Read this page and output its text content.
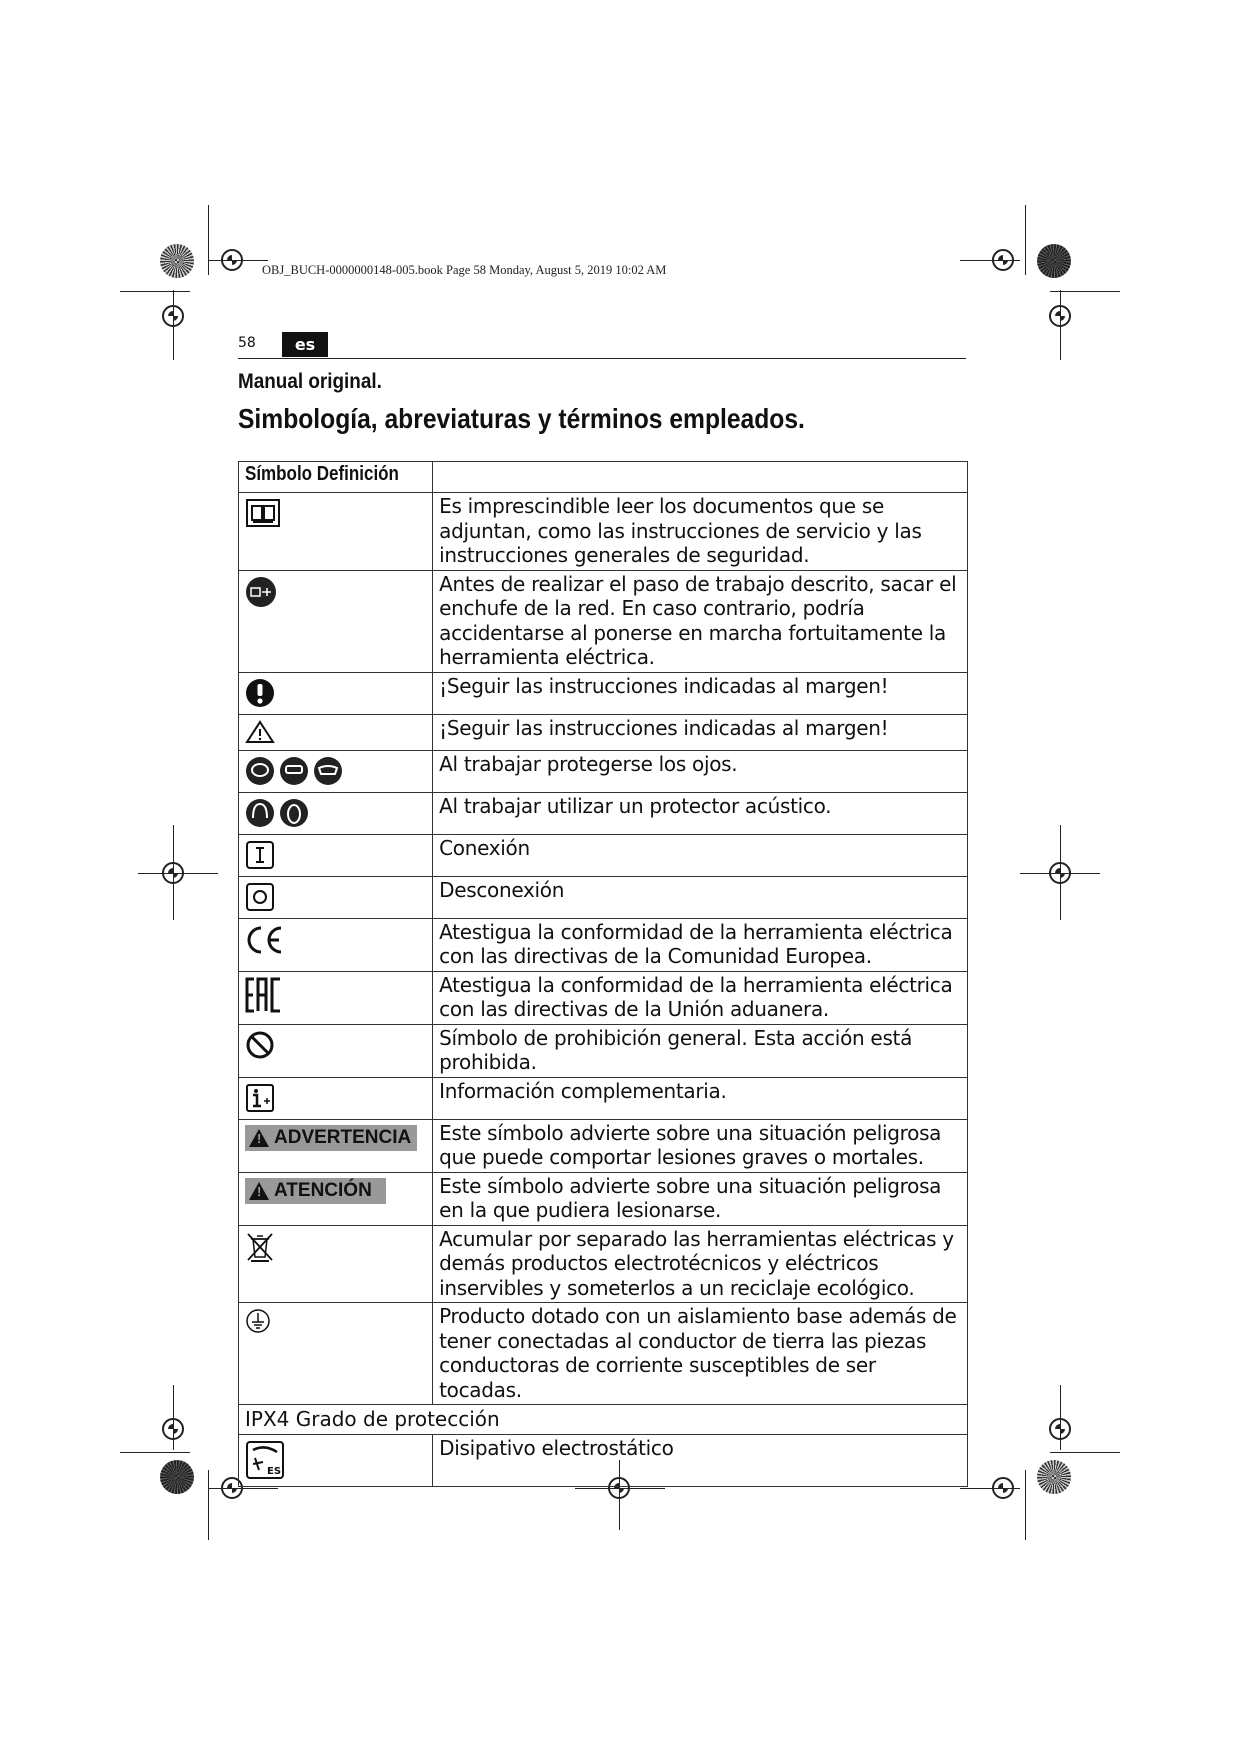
OBJ_BUCH-0000000148-005.book Page 58 Monday, August 5, 2019 10:02 AM
58	es
Manual original.
Simbología, abreviaturas y términos empleados.
Símbolo Definición	
	Es imprescindible leer los documentos que se adjuntan, como las instrucciones de servicio y las instrucciones generales de seguridad.
	Antes de realizar el paso de trabajo descrito, sacar el enchufe de la red. En caso contrario, podría accidentarse al ponerse en marcha fortuitamente la herramienta eléctrica.
	¡Seguir las instrucciones indicadas al margen!
	¡Seguir las instrucciones indicadas al margen!
	Al trabajar protegerse los ojos.
	Al trabajar utilizar un protector acústico.
	Conexión
	Desconexión
	Atestigua la conformidad de la herramienta eléctrica con las directivas de la Comunidad Europea.
	Atestigua la conformidad de la herramienta eléctrica con las directivas de la Unión aduanera.
	Símbolo de prohibición general. Esta acción está prohibida.
	Información complementaria.

!
ADVERTENCIA	Este símbolo advierte sobre una situación peligrosa que puede comportar lesiones graves o mortales.

!
ATENCIÓN	Este símbolo advierte sobre una situación peligrosa en la que pudiera lesionarse.
	Acumular por separado las herramientas eléctricas y demás productos electrotécnicos y eléctricos inservibles y someterlos a un reciclaje ecológico.
	Producto dotado con un aislamiento base además de tener conectadas al conductor de tierra las piezas conductoras de corriente susceptibles de ser tocadas.
IPX4 Grado de protección	

ES	Disipativo electrostático
